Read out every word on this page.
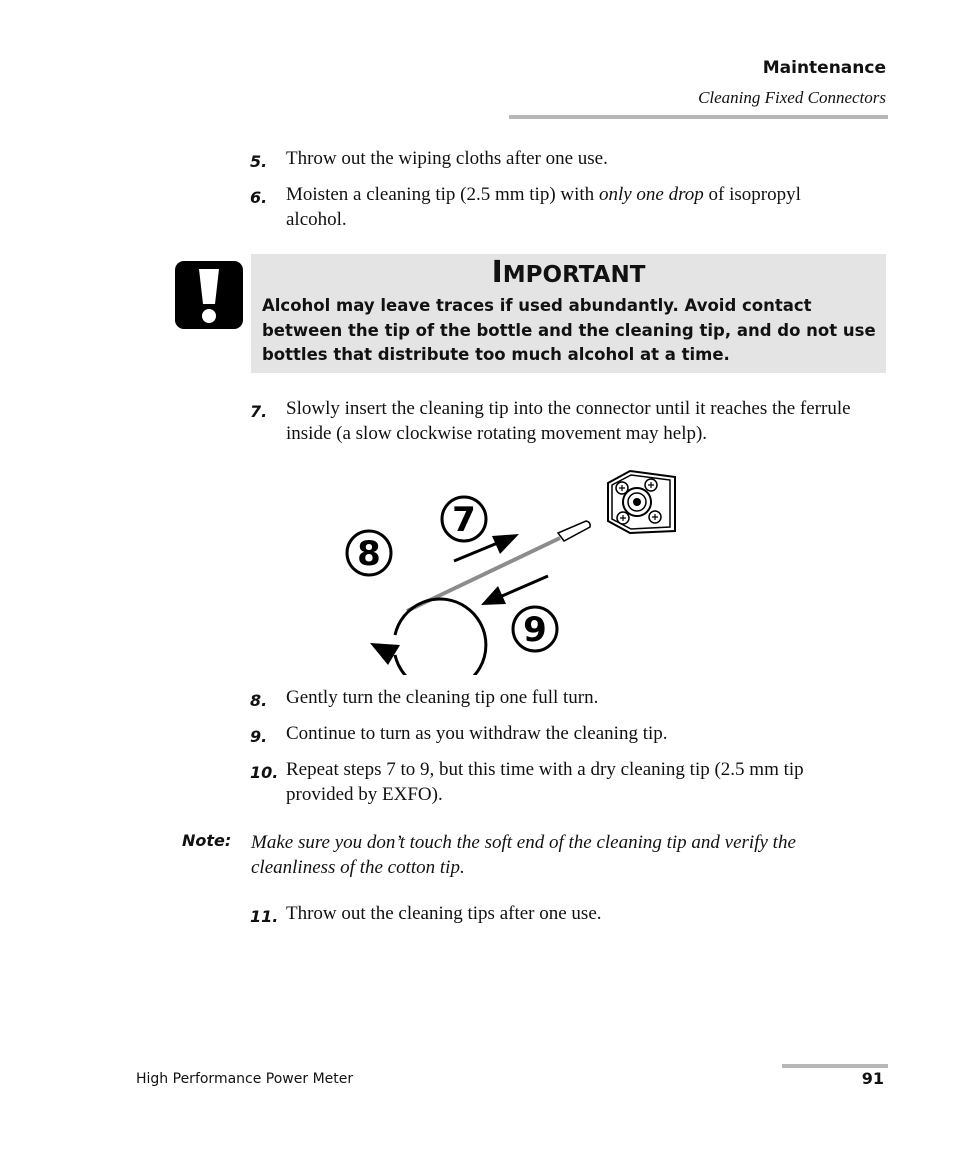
Maintenance
Cleaning Fixed Connectors
5. Throw out the wiping cloths after one use.
6. Moisten a cleaning tip (2.5 mm tip) with only one drop of isopropyl alcohol.
IMPORTANT
Alcohol may leave traces if used abundantly. Avoid contact between the tip of the bottle and the cleaning tip, and do not use bottles that distribute too much alcohol at a time.
7. Slowly insert the cleaning tip into the connector until it reaches the ferrule inside (a slow clockwise rotating movement may help).
7
8
9
8. Gently turn the cleaning tip one full turn.
9. Continue to turn as you withdraw the cleaning tip.
10. Repeat steps 7 to 9, but this time with a dry cleaning tip (2.5 mm tip provided by EXFO).
Note: Make sure you don’t touch the soft end of the cleaning tip and verify the cleanliness of the cotton tip.
11. Throw out the cleaning tips after one use.
High Performance Power Meter	91
